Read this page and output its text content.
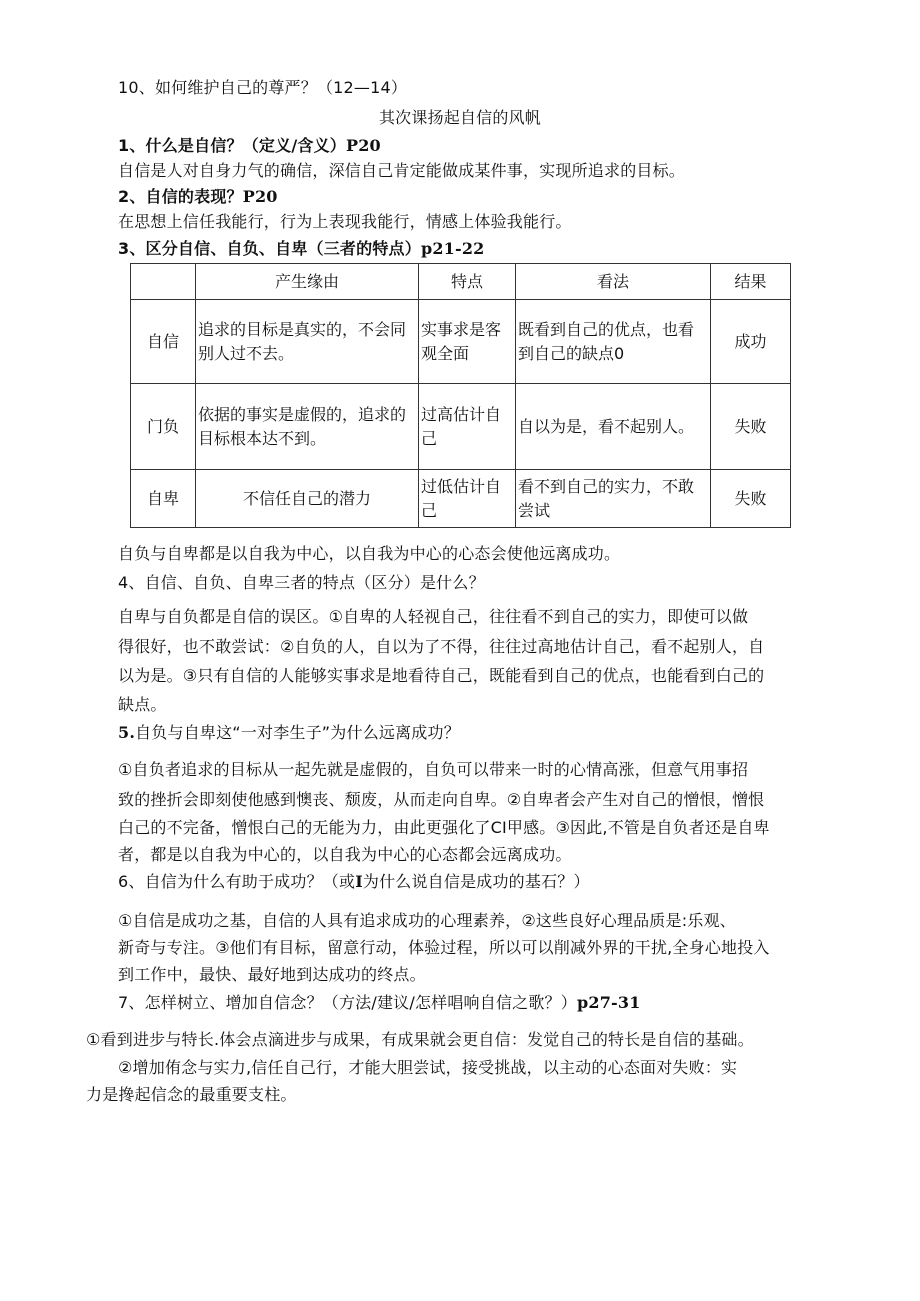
10、如何维护自己的尊严？（12—14）
其次课扬起自信的风帆
1、什么是自信？（定义/含义）P20
自信是人对自身力气的确信，深信自己肯定能做成某件事，实现所追求的目标。
2、自信的表现？P20
在思想上信任我能行，行为上表现我能行，情感上体验我能行。
3、区分自信、自负、自卑（三者的特点）p21-22
	产生缘由	特点	看法	结果
自信	追求的目标是真实的，不会同别人过不去。	实事求是客观全面	既看到自己的优点，也看到自己的缺点0	成功
门负	依据的事实是虚假的，追求的目标根本达不到。	过高估计自己	自以为是，看不起别人。	失败
自卑	不信任自己的潜力	过低估计自己	看不到自己的实力，不敢尝试	失败
自负与自卑都是以自我为中心，以自我为中心的心态会使他远离成功。
4、自信、自负、自卑三者的特点（区分）是什么？
自卑与自负都是自信的误区。①自卑的人轻视自己，往往看不到自己的实力，即使可以做
得很好，也不敢尝试：②自负的人，自以为了不得，往往过高地估计自己，看不起别人，自
以为是。③只有自信的人能够实事求是地看待自己，既能看到自己的优点，也能看到白己的
缺点。
5.自负与自卑这“一对李生子”为什么远离成功？
①自负者追求的目标从一起先就是虚假的，自负可以带来一时的心情高涨，但意气用事招
致的挫折会即刻使他感到懊丧、颓废，从而走向自卑。②自卑者会产生对自己的憎恨，憎恨
白己的不完备，憎恨白己的无能为力，由此更强化了CI甲感。③因此,不管是自负者还是自卑
者，都是以自我为中心的，以自我为中心的心态都会远离成功。
6、自信为什么有助于成功？（或I为什么说自信是成功的基石？）
①自信是成功之基，自信的人具有追求成功的心理素养，②这些良好心理品质是:乐观、
新奇与专注。③他们有目标，留意行动，体验过程，所以可以削减外界的干扰,全身心地投入
到工作中，最快、最好地到达成功的终点。
7、怎样树立、增加自信念？（方法/建议/怎样唱响自信之歌？）p27-31
①看到进步与特长.体会点滴进步与成果，有成果就会更自信：发觉自己的特长是自信的基础。
②增加侑念与实力,信任自己行，才能大胆尝试，接受挑战，以主动的心态面对失败：实
力是搀起信念的最重要支柱。
